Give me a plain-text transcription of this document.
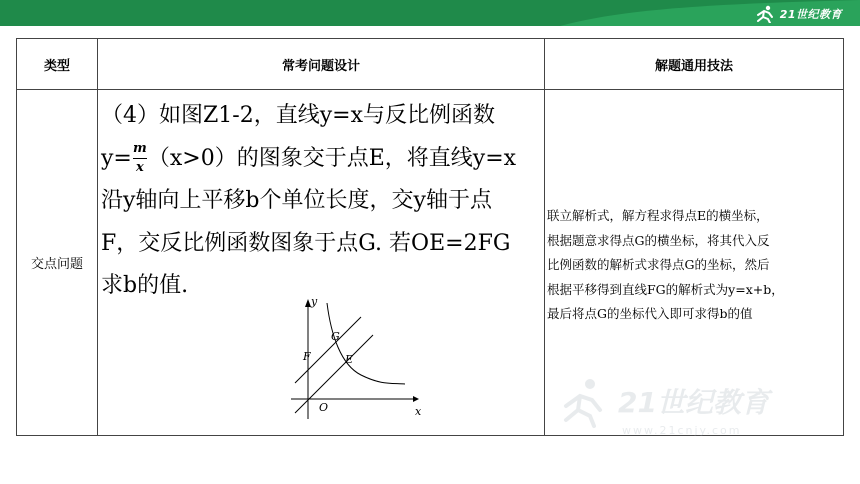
21世纪教育
类型	常考问题设计	解题通用技法
交点问题
（4）如图Z1-2，直线y=x与反比例函数
$y= \frac{m}{x} (x>0)$的图象交于点E，将直线y=x
沿y轴向上平移b个单位长度，交y轴于点
F，交反比例函数图象于点G. 若OE=2FG
求b的值.
y
x
O
F
G
E
联立解析式，解方程求得点E的横坐标，
根据题意求得点G的横坐标，将其代入反
比例函数的解析式求得点G的坐标，然后
根据平移得到直线FG的解析式为y=x+b，
最后将点G的坐标代入即可求得b的值
21世纪教育
www.21cnjy.com
